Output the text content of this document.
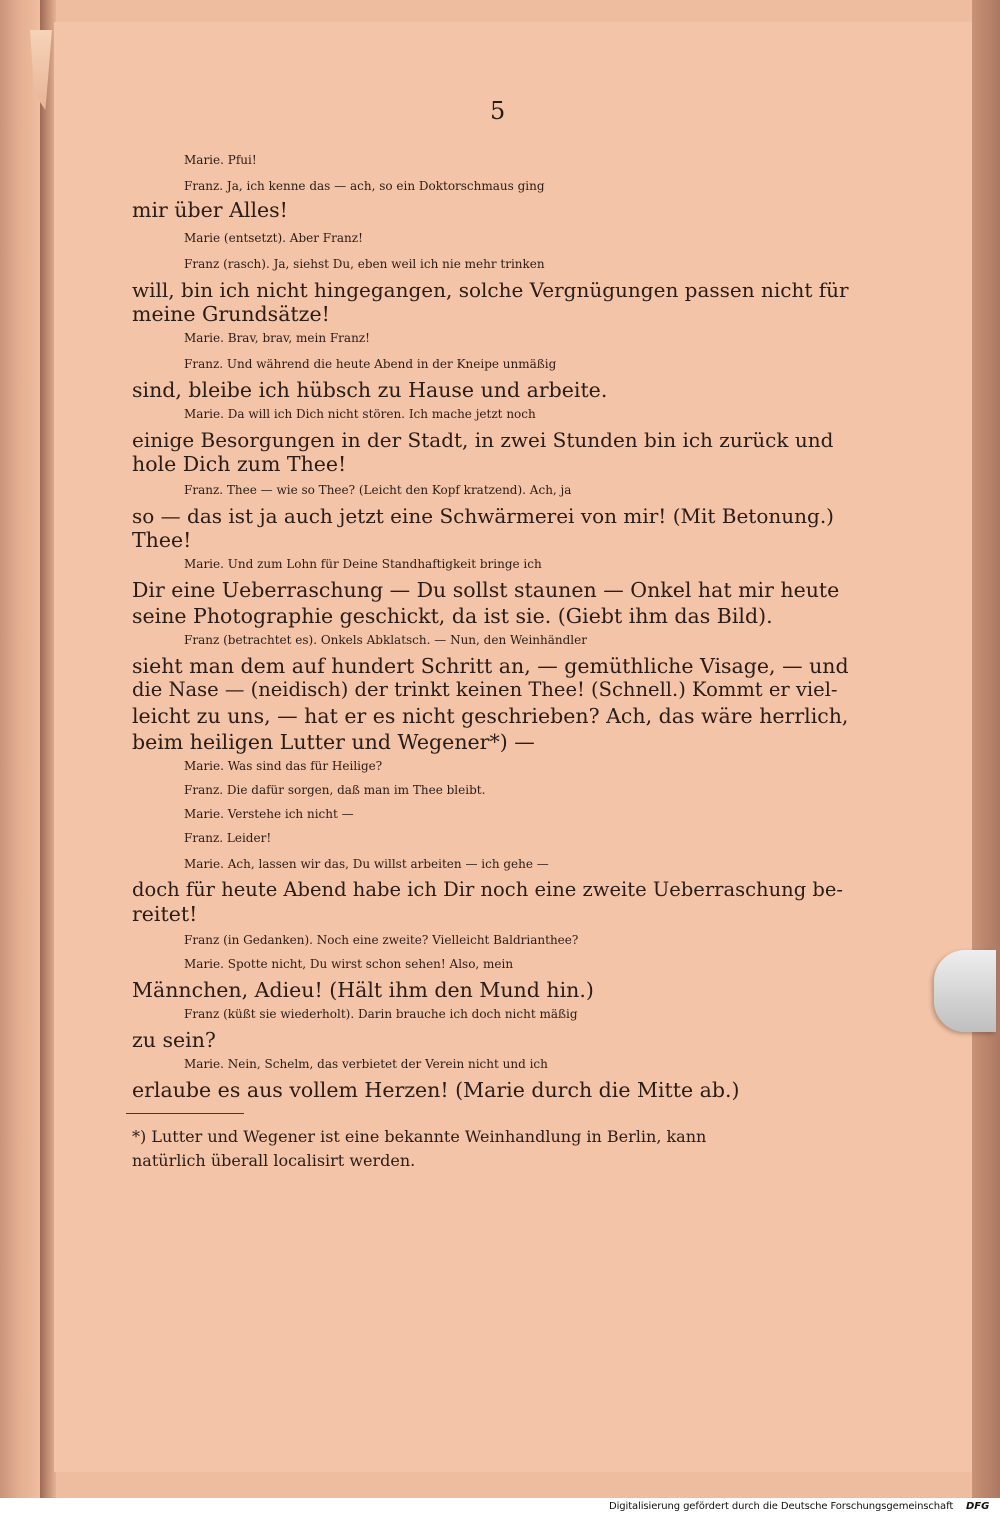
5
Marie. Pfui!
Franz. Ja, ich kenne das — ach, so ein Doktorschmaus ging
mir über Alles!
Marie (entsetzt). Aber Franz!
Franz (rasch). Ja, siehst Du, eben weil ich nie mehr trinken
will, bin ich nicht hingegangen, solche Vergnügungen passen nicht für
meine Grundsätze!
Marie. Brav, brav, mein Franz!
Franz. Und während die heute Abend in der Kneipe unmäßig
sind, bleibe ich hübsch zu Hause und arbeite.
Marie. Da will ich Dich nicht stören. Ich mache jetzt noch
einige Besorgungen in der Stadt, in zwei Stunden bin ich zurück und
hole Dich zum Thee!
Franz. Thee — wie so Thee? (Leicht den Kopf kratzend). Ach, ja
so — das ist ja auch jetzt eine Schwärmerei von mir! (Mit Betonung.)
Thee!
Marie. Und zum Lohn für Deine Standhaftigkeit bringe ich
Dir eine Ueberraschung — Du sollst staunen — Onkel hat mir heute
seine Photographie geschickt, da ist sie. (Giebt ihm das Bild).
Franz (betrachtet es). Onkels Abklatsch. — Nun, den Weinhändler
sieht man dem auf hundert Schritt an, — gemüthliche Visage, — und
die Nase — (neidisch) der trinkt keinen Thee! (Schnell.) Kommt er viel-
leicht zu uns, — hat er es nicht geschrieben? Ach, das wäre herrlich,
beim heiligen Lutter und Wegener*) —
Marie. Was sind das für Heilige?
Franz. Die dafür sorgen, daß man im Thee bleibt.
Marie. Verstehe ich nicht —
Franz. Leider!
Marie. Ach, lassen wir das, Du willst arbeiten — ich gehe —
doch für heute Abend habe ich Dir noch eine zweite Ueberraschung be-
reitet!
Franz (in Gedanken). Noch eine zweite? Vielleicht Baldrianthee?
Marie. Spotte nicht, Du wirst schon sehen! Also, mein
Männchen, Adieu! (Hält ihm den Mund hin.)
Franz (küßt sie wiederholt). Darin brauche ich doch nicht mäßig
zu sein?
Marie. Nein, Schelm, das verbietet der Verein nicht und ich
erlaube es aus vollem Herzen! (Marie durch die Mitte ab.)
*) Lutter und Wegener ist eine bekannte Weinhandlung in Berlin, kann
natürlich überall localisirt werden.
Digitalisierung gefördert durch die Deutsche Forschungsgemeinschaft DFG
